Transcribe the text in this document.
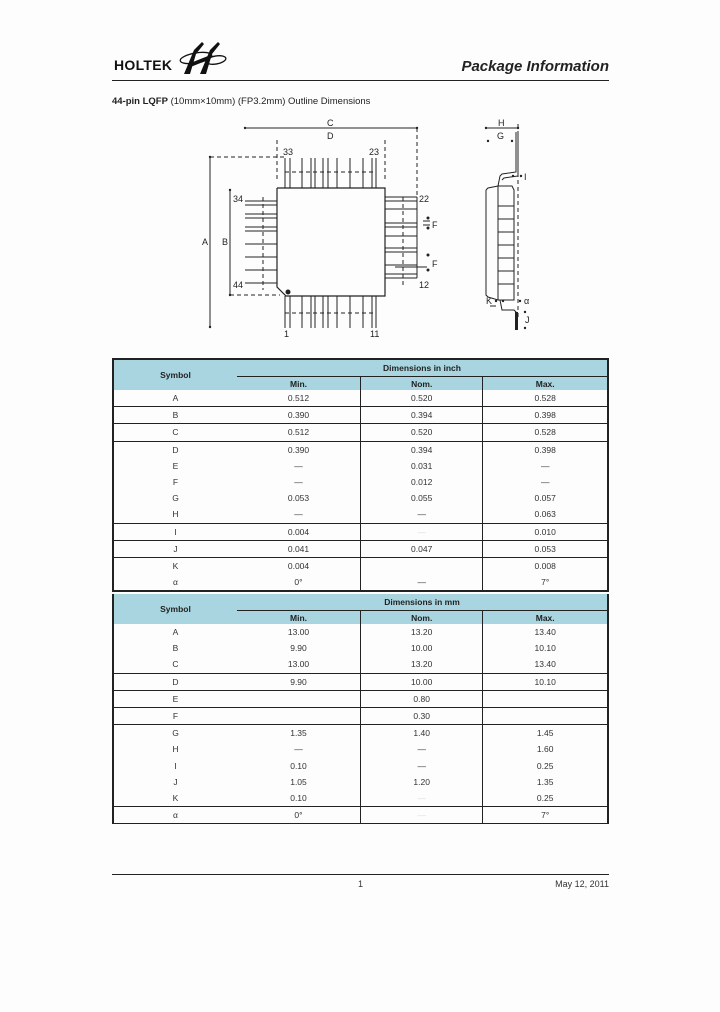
HOLTEK	Package Information
44-pin LQFP (10mm×10mm) (FP3.2mm) Outline Dimensions
C
D
A B
F
F
33	23
34	22
44	12
1	11
H
G
I
K	α
J
Symbol	Dimensions in inch		
	Min.	Nom.	Max.
A	0.512	0.520	0.528
B	0.390	0.394	0.398
C	0.512	0.520	0.528
D	0.390	0.394	0.398
E	—	0.031	—
F	—	0.012	—
G	0.053	0.055	0.057
H	—	—	0.063
I	0.004	—	0.010
J	0.041	0.047	0.053
K	0.004		0.008
α	0°	—	7°
Symbol	Dimensions in mm		
	Min.	Nom.	Max.
A	13.00	13.20	13.40
B	9.90	10.00	10.10
C	13.00	13.20	13.40
D	9.90	10.00	10.10
E		0.80	
F		0.30	
G	1.35	1.40	1.45
H	—	—	1.60
I	0.10	—	0.25
J	1.05	1.20	1.35
K	0.10	—	0.25
α	0°	—	7°
1	May 12, 2011
